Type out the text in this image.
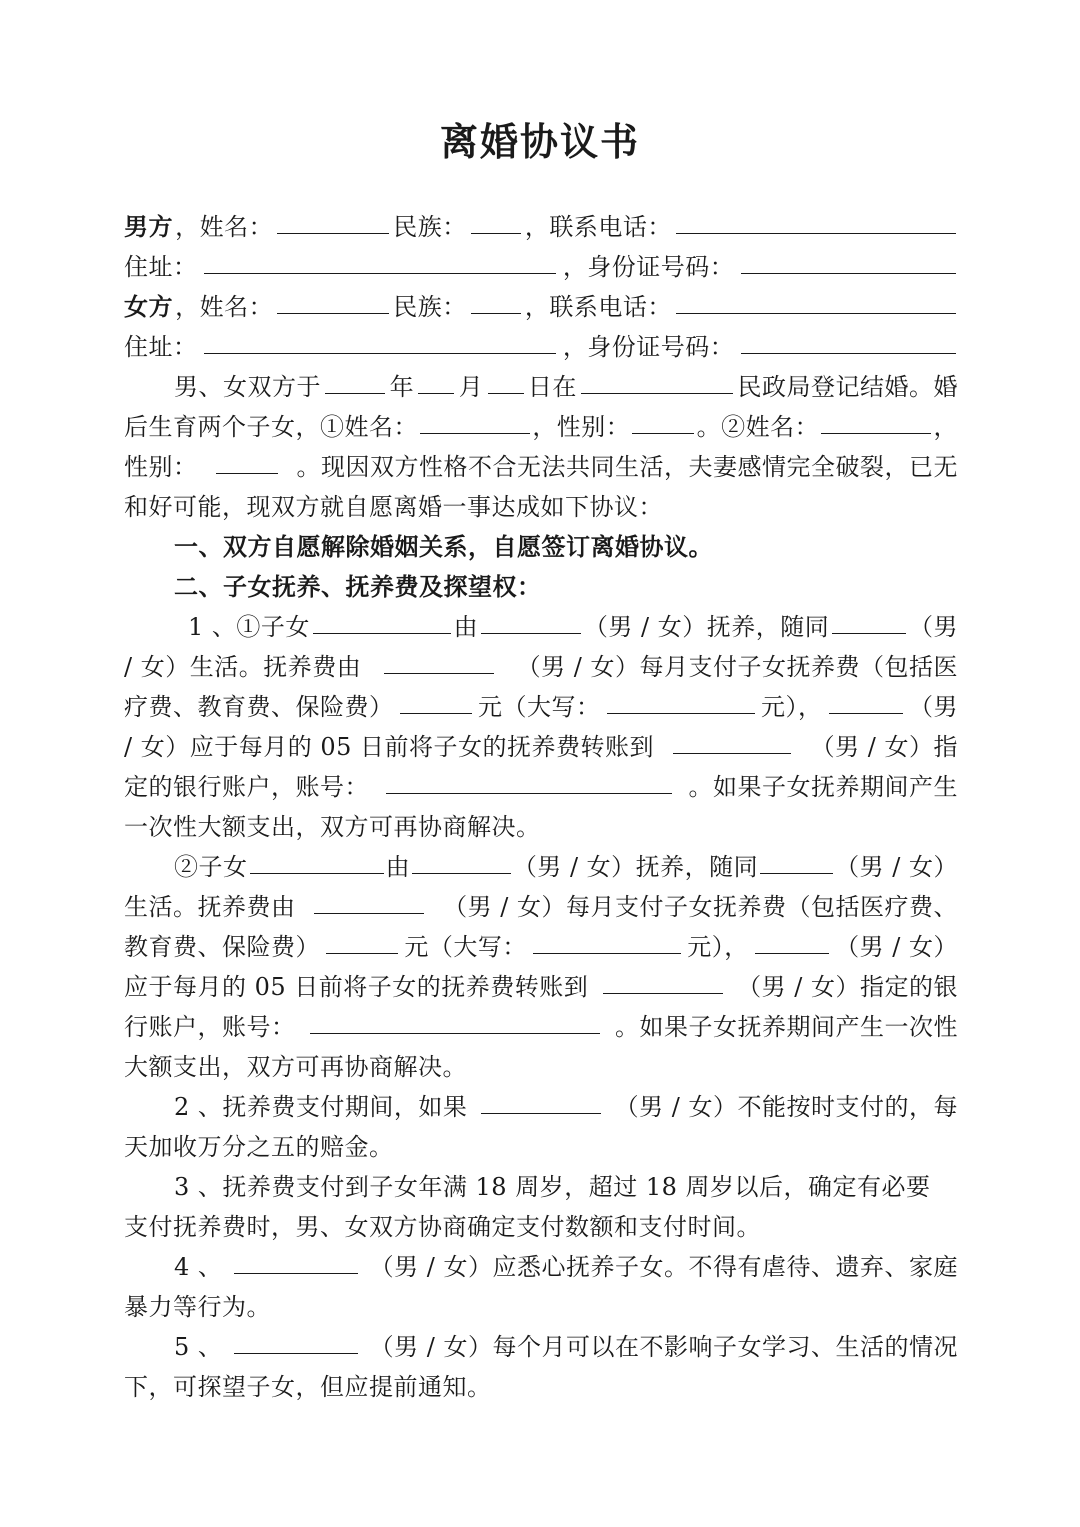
离婚协议书
男方 ，姓名：	民族： ，联系电话：
住址：	，身份证号码：
女方 ，姓名：	民族： ，联系电话：
住址：	，身份证号码：
男、女双方于	年 月 日在	民政局登记结婚。婚
后生育两个子女，①姓名：	，性别：	。②姓名：	，
性别：	。现因双方性格不合无法共同生活，夫妻感情完全破裂，已无
和好可能，现双方就自愿离婚一事达成如下协议：
一、双方自愿解除婚姻关系，自愿签订离婚协议。
二、子女抚养、抚养费及探望权：
1 、①子女	由	（男 / 女）抚养，随同	（男
/ 女）生活。抚养费由	（男 / 女）每月支付子女抚养费（包括医
疗费、教育费、保险费）	元（大写：	元），	（男
/ 女）应于每月的 05 日前将子女的抚养费转账到	（男 / 女）指
定的银行账户，账号：	。如果子女抚养期间产生
一次性大额支出，双方可再协商解决。
②子女	由	（男 / 女）抚养，随同	（男 / 女）
生活。抚养费由	（男 / 女）每月支付子女抚养费（包括医疗费、
教育费、保险费）	元（大写：	元），	（男 / 女）
应于每月的 05 日前将子女的抚养费转账到	（男 / 女）指定的银
行账户，账号：	。如果子女抚养期间产生一次性
大额支出，双方可再协商解决。
2 、抚养费支付期间，如果	（男 / 女）不能按时支付的，每
天加收万分之五的赔金。
3 、抚养费支付到子女年满 18 周岁，超过 18 周岁以后，确定有必要
支付抚养费时，男、女双方协商确定支付数额和支付时间。
4 、	（男 / 女）应悉心抚养子女。不得有虐待、遗弃、家庭
暴力等行为。
5 、	（男 / 女）每个月可以在不影响子女学习、生活的情况
下，可探望子女，但应提前通知。
